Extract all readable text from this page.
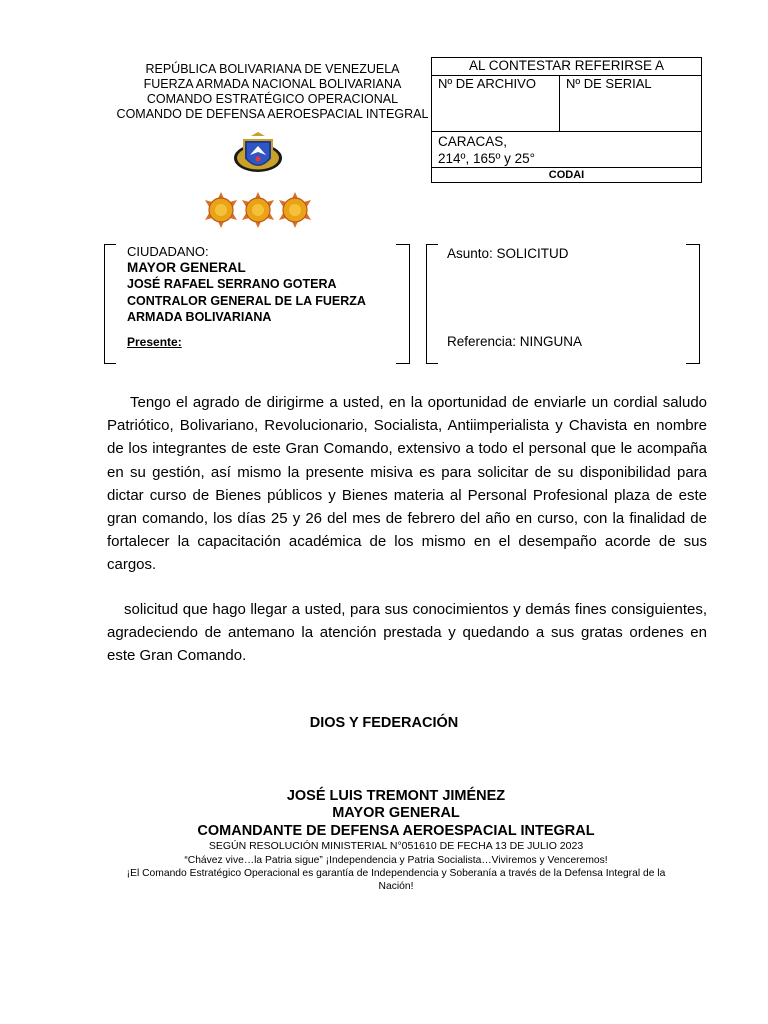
REPÚBLICA BOLIVARIANA DE VENEZUELA
FUERZA ARMADA NACIONAL BOLIVARIANA
COMANDO ESTRATÉGICO OPERACIONAL
COMANDO DE DEFENSA AEROESPACIAL INTEGRAL
AL CONTESTAR REFERIRSE A
Nº DE ARCHIVO	Nº DE SERIAL
CARACAS,
214º, 165º y 25°
CODAI
CIUDADANO:
MAYOR GENERAL
JOSÉ RAFAEL SERRANO GOTERA
CONTRALOR GENERAL DE LA FUERZA
ARMADA BOLIVARIANA
Presente:
Asunto: SOLICITUD
Referencia: NINGUNA
Tengo el agrado de dirigirme a usted, en la oportunidad de enviarle un cordial saludo Patriótico, Bolivariano, Revolucionario, Socialista, Antiimperialista y Chavista en nombre de los integrantes de este Gran Comando, extensivo a todo el personal que le acompaña en su gestión, así mismo la presente misiva es para solicitar de su disponibilidad para dictar curso de Bienes públicos y Bienes materia al Personal Profesional plaza de este gran comando, los días 25 y 26 del mes de febrero del año en curso, con la finalidad de fortalecer la capacitación académica de los mismo en el desempaño acorde de sus cargos.
solicitud que hago llegar a usted, para sus conocimientos y demás fines consiguientes, agradeciendo de antemano la atención prestada y quedando a sus gratas ordenes en este Gran Comando.
DIOS Y FEDERACIÓN
JOSÉ LUIS TREMONT JIMÉNEZ
MAYOR GENERAL
COMANDANTE DE DEFENSA AEROESPACIAL INTEGRAL
SEGÚN RESOLUCIÓN MINISTERIAL N°051610 DE FECHA 13 DE JULIO 2023
“Chávez vive…la Patria sigue” ¡Independencia y Patria Socialista…Viviremos y Venceremos!
¡El Comando Estratégico Operacional es garantía de Independencia y Soberanía a través de la Defensa Integral de la Nación!
